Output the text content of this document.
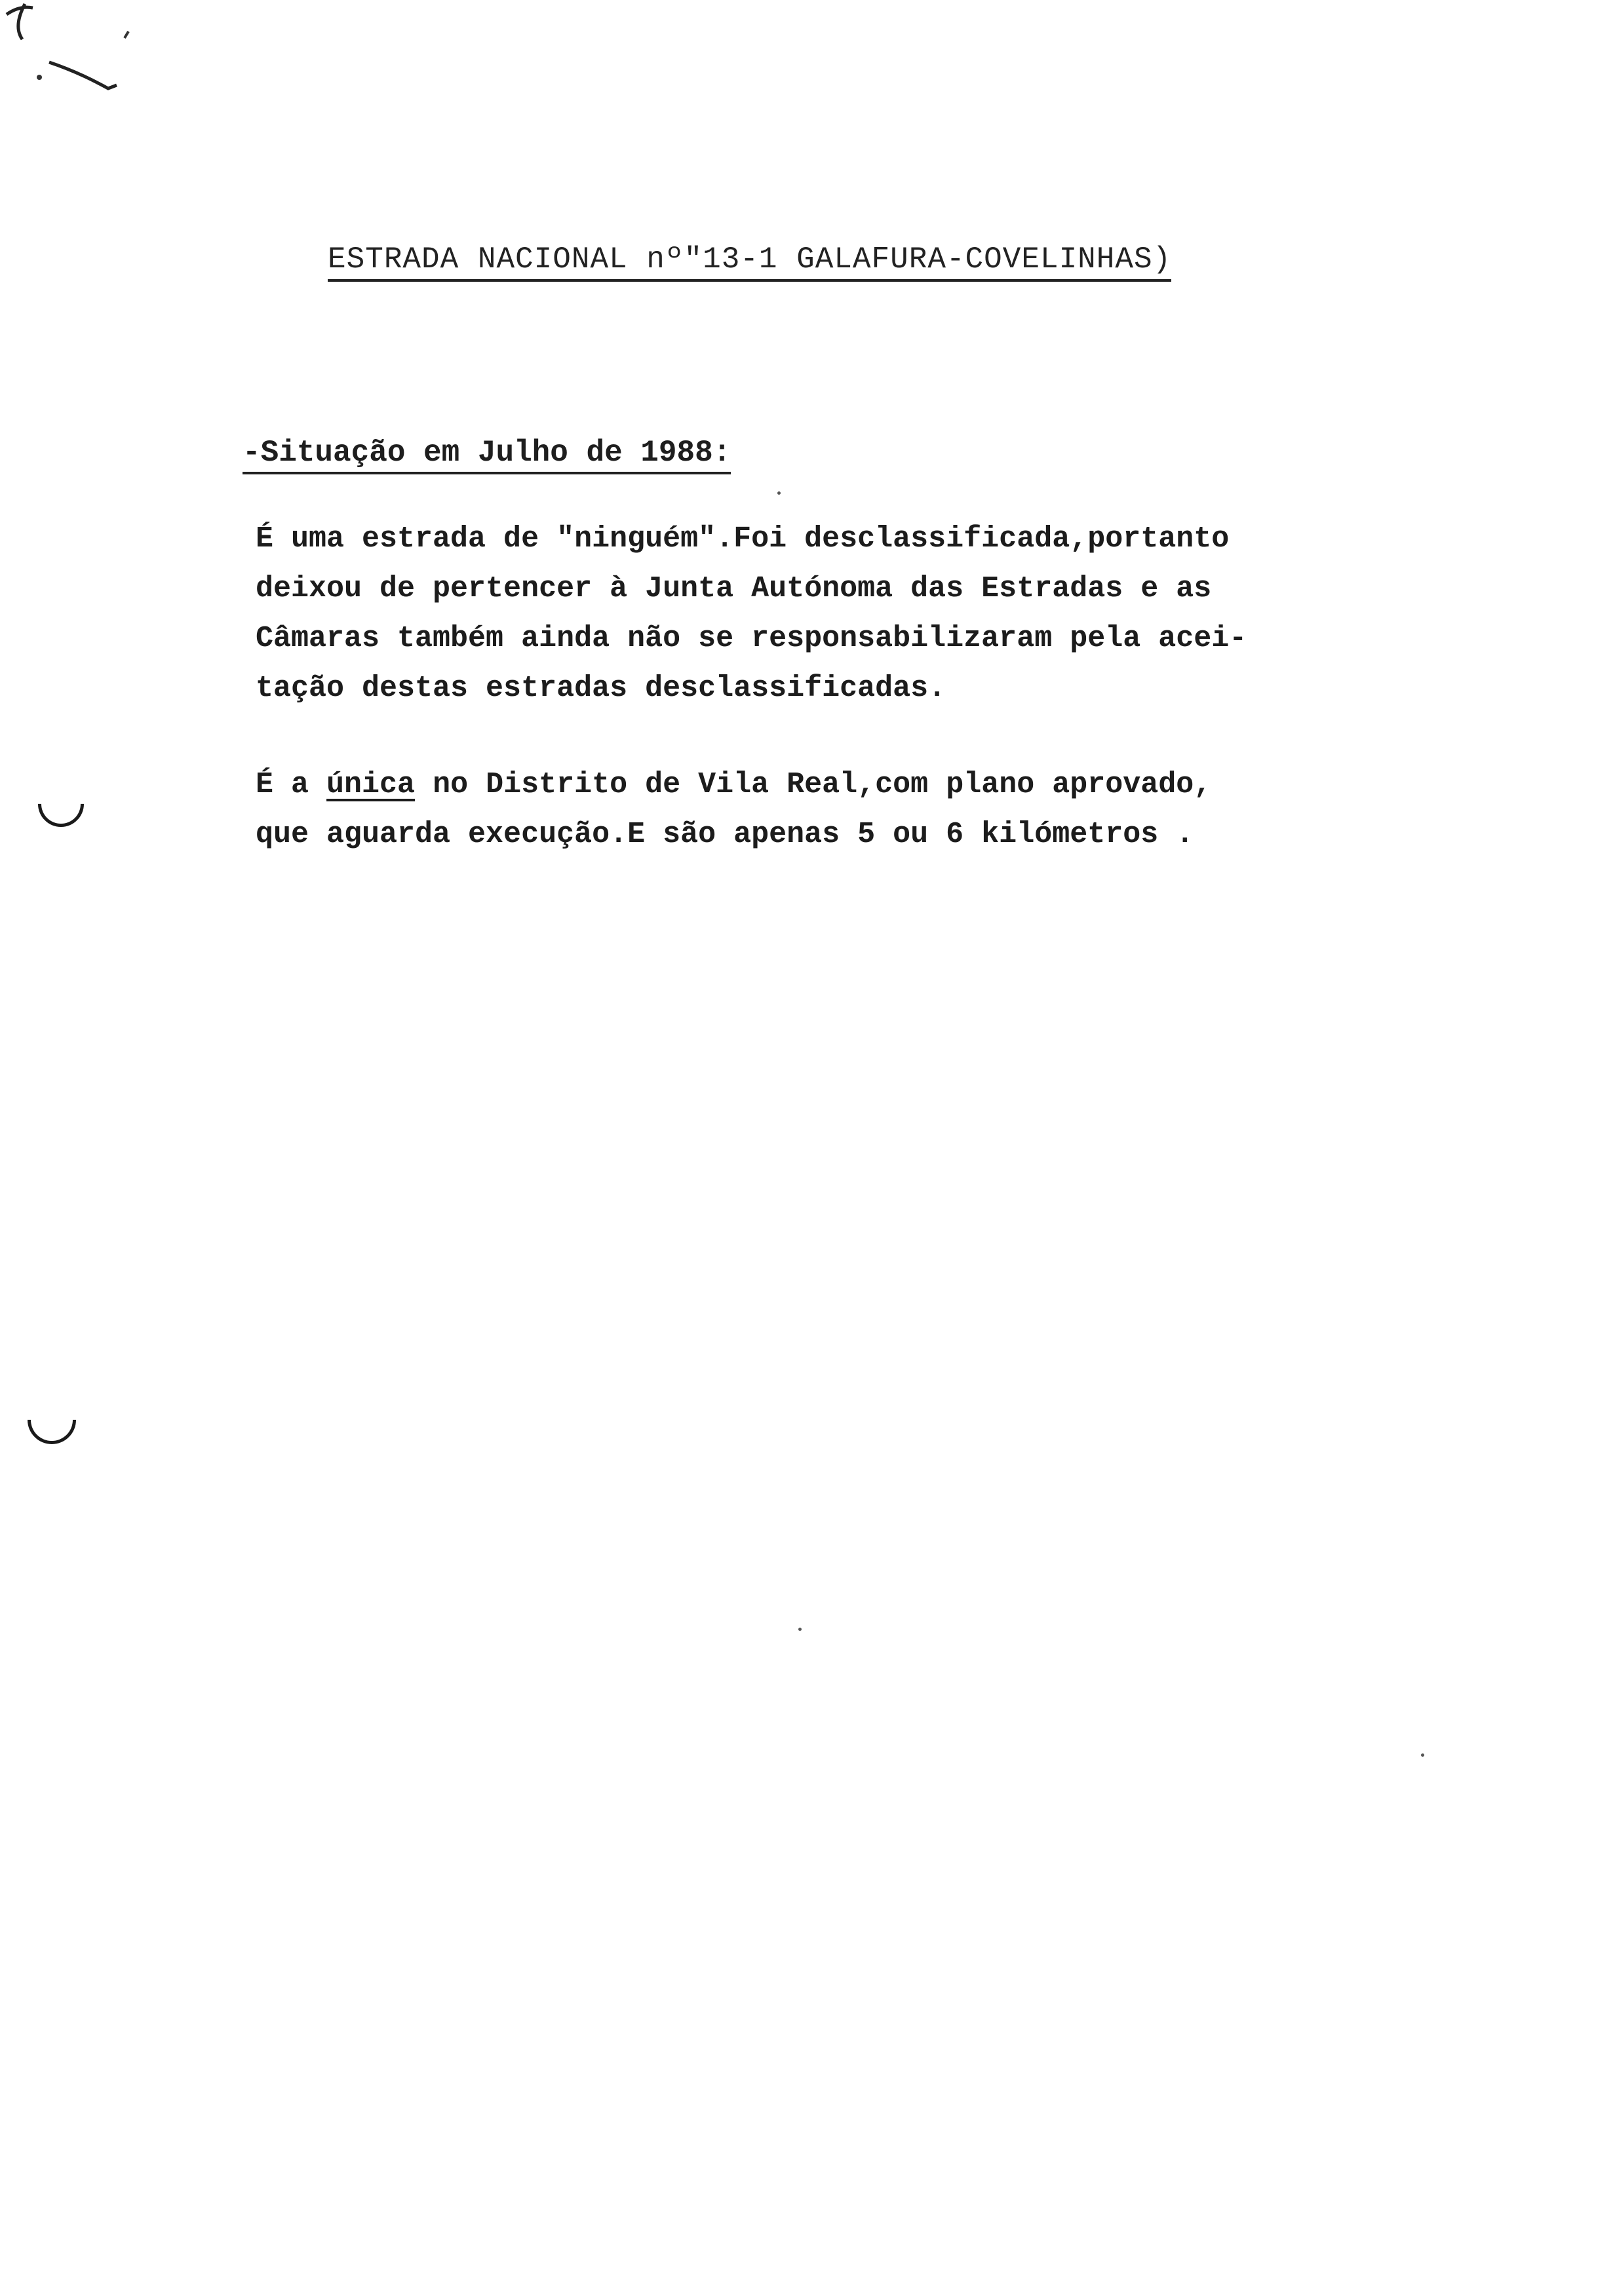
ESTRADA NACIONAL nº"13-1 GALAFURA-COVELINHAS)
-Situação em Julho de 1988:
É uma estrada de "ninguém".Foi desclassificada,portanto
deixou de pertencer à Junta Autónoma das Estradas e as
Câmaras também ainda não se responsabilizaram pela acei-
tação destas estradas desclassificadas.
É a única no Distrito de Vila Real,com plano aprovado,
que aguarda execução.E são apenas 5 ou 6 kilómetros .
